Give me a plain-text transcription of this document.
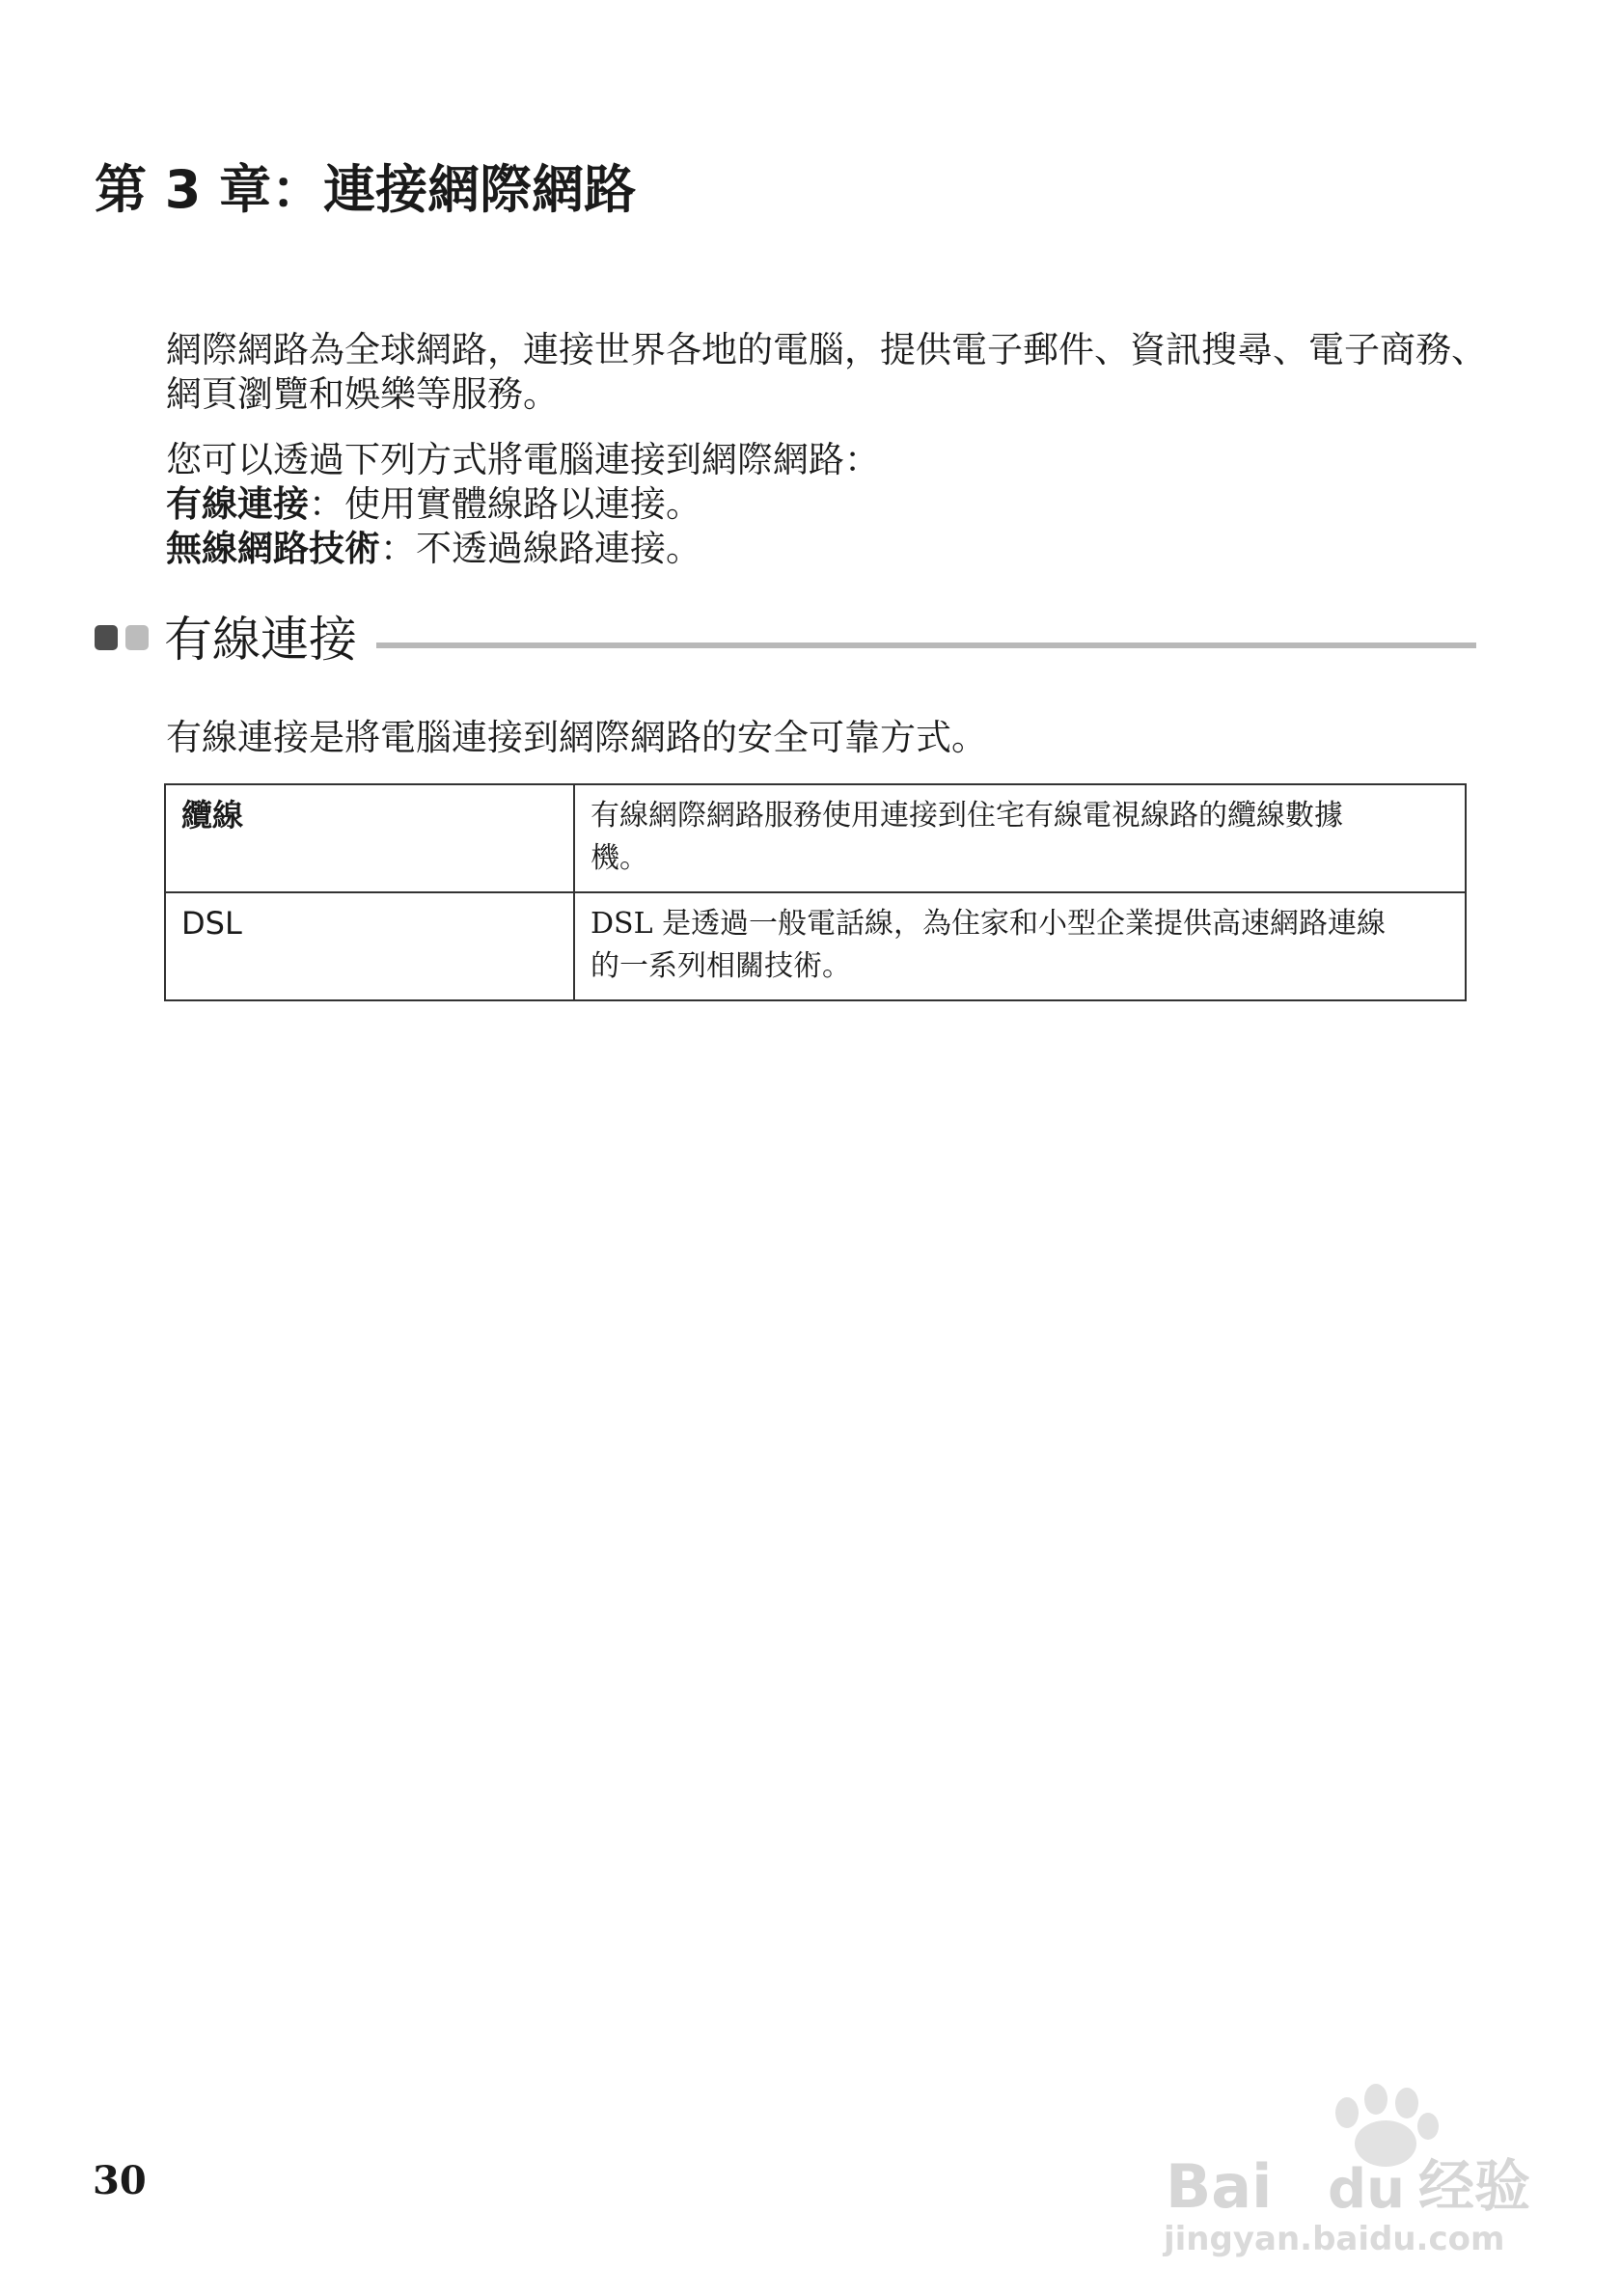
第 3 章：連接網際網路

網際網路為全球網路，連接世界各地的電腦，提供電子郵件、資訊搜尋、電子商務、網頁瀏覽和娛樂等服務。

您可以透過下列方式將電腦連接到網際網路：

有線連接：使用實體線路以連接。

無線網路技術：不透過線路連接。

有線連接

有線連接是將電腦連接到網際網路的安全可靠方式。

纜線	有線網際網路服務使用連接到住宅有線電視線路的纜線數據
機。

DSL	DSL 是透過一般電話線，為住家和小型企業提供高速網路連線
的一系列相關技術。

30	Bai du 经验
jingyan.baidu.com
